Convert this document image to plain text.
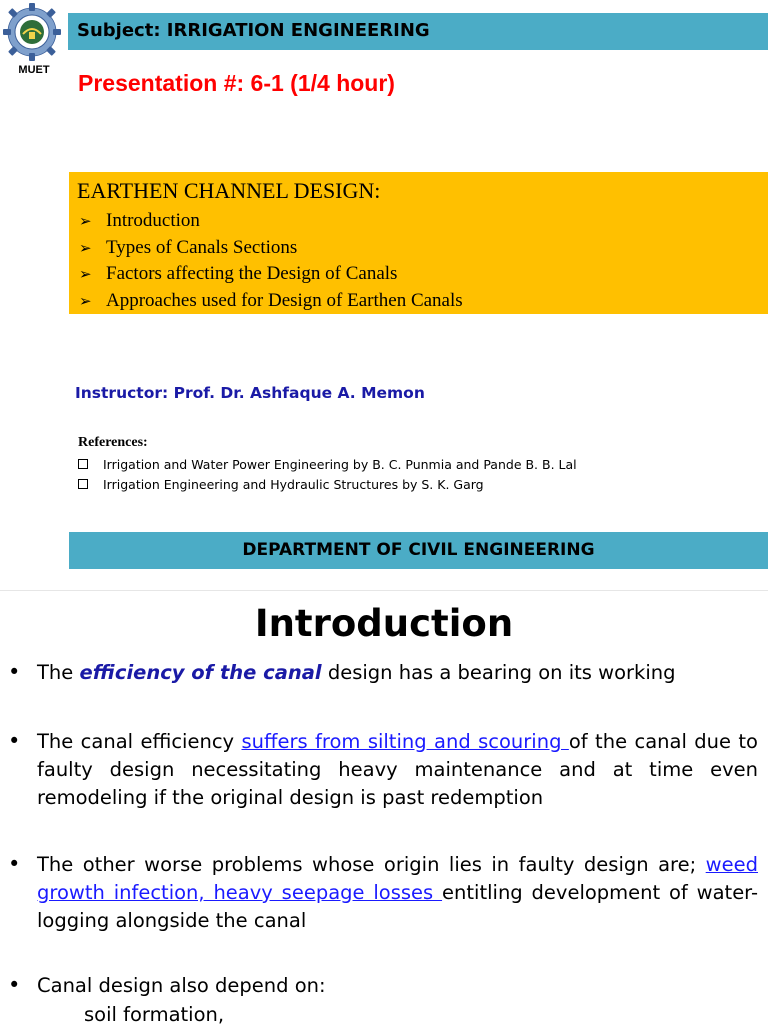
MUET
Subject: IRRIGATION ENGINEERING
Presentation #: 6-1 (1/4 hour)
EARTHEN CHANNEL DESIGN:
➢ Introduction
➢ Types of Canals Sections
➢ Factors affecting the Design of Canals
➢ Approaches used for Design of Earthen Canals
Instructor: Prof. Dr. Ashfaque A. Memon
References:
Irrigation and Water Power Engineering by B. C. Punmia and Pande B. B. Lal
Irrigation Engineering and Hydraulic Structures by S. K. Garg
DEPARTMENT OF CIVIL ENGINEERING
Introduction
• The efficiency of the canal design has a bearing on its working
• The canal efficiency suffers from silting and scouring of the canal due to faulty design necessitating heavy maintenance and at time even remodeling if the original design is past redemption
• The other worse problems whose origin lies in faulty design are; weed growth infection, heavy seepage losses entitling development of water-logging alongside the canal
• Canal design also depend on:
soil formation,
